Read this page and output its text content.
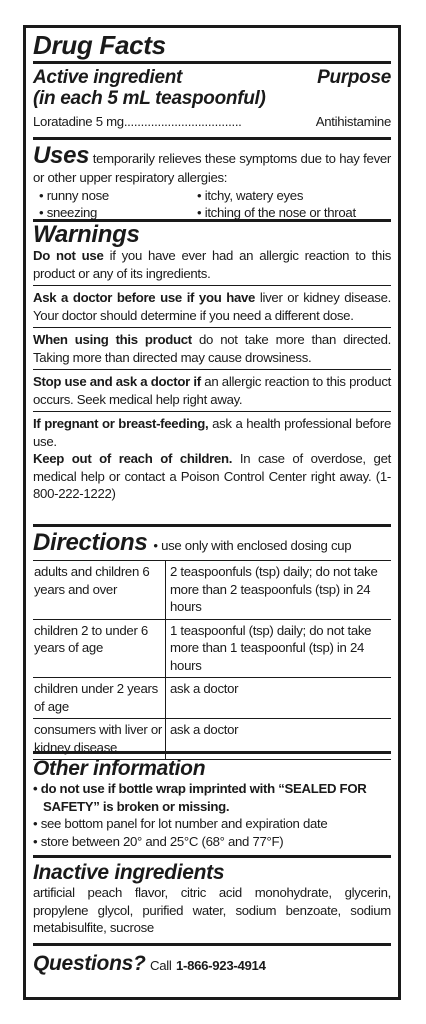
Drug Facts
Active ingredient	Purpose
(in each 5 mL teaspoonful)
Loratadine 5 mg ...................................	Antihistamine
Uses temporarily relieves these symptoms due to hay fever or other upper respiratory allergies:
• runny nose	• itchy, watery eyes
• sneezing	• itching of the nose or throat
Warnings
Do not use if you have ever had an allergic reaction to this product or any of its ingredients.
Ask a doctor before use if you have liver or kidney disease. Your doctor should determine if you need a different dose.
When using this product do not take more than directed. Taking more than directed may cause drowsiness.
Stop use and ask a doctor if an allergic reaction to this product occurs. Seek medical help right away.
If pregnant or breast-feeding, ask a health professional before use.
Keep out of reach of children. In case of overdose, get medical help or contact a Poison Control Center right away. (1-800-222-1222)
Directions • use only with enclosed dosing cup
adults and children 6 years and over	2 teaspoonfuls (tsp) daily; do not take more than 2 teaspoonfuls (tsp) in 24 hours
children 2 to under 6 years of age	1 teaspoonful (tsp) daily; do not take more than 1 teaspoonful (tsp) in 24 hours
children under 2 years of age	ask a doctor
consumers with liver or kidney disease	ask a doctor
Other information
• do not use if bottle wrap imprinted with “SEALED FOR SAFETY” is broken or missing.
• see bottom panel for lot number and expiration date
• store between 20° and 25°C (68° and 77°F)
Inactive ingredients
artificial peach flavor, citric acid monohydrate, glycerin, propylene glycol, purified water, sodium benzoate, sodium metabisulfite, sucrose
Questions? Call 1-866-923-4914
